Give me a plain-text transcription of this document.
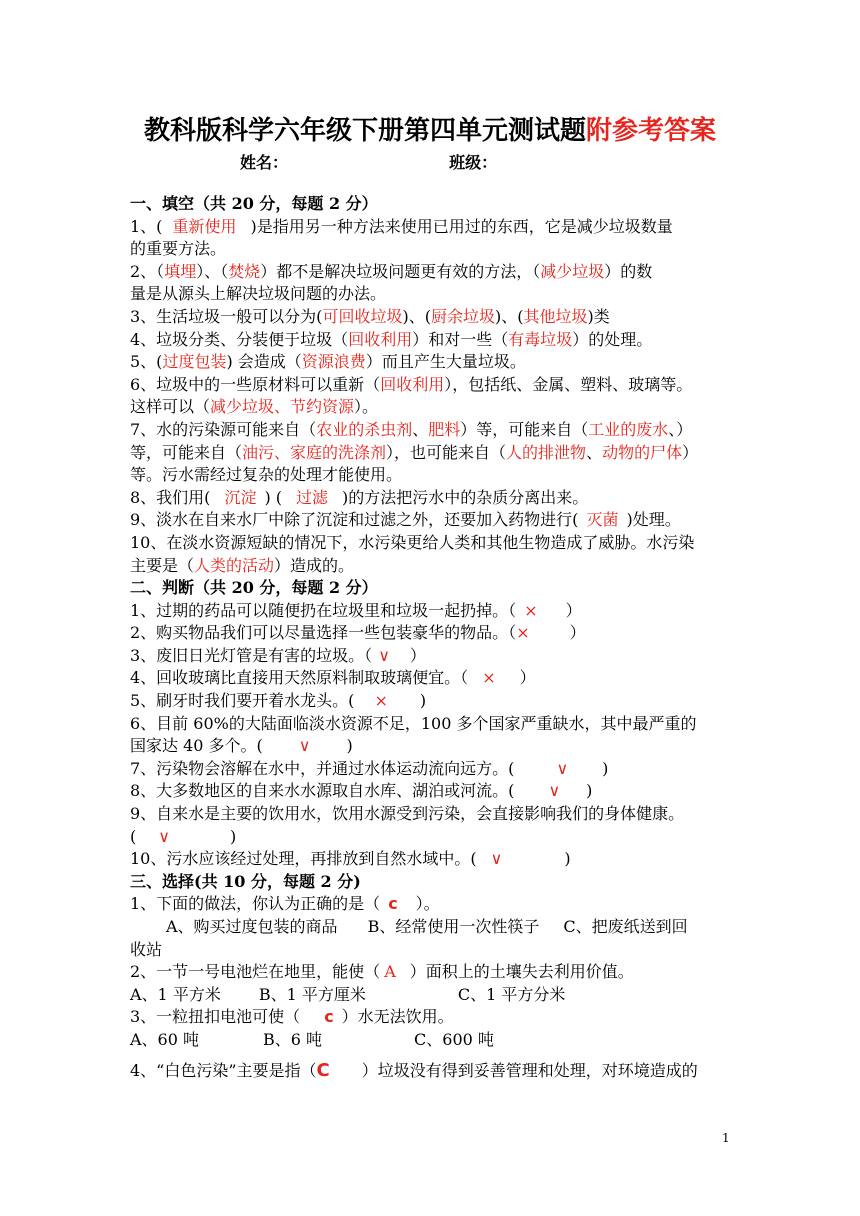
教科版科学六年级下册第四单元测试题附参考答案
姓名：	班级：
一、填空（共 20 分，每题 2 分）
1、( 重新使用 )是指用另一种方法来使用已用过的东西，它是减少垃圾数量
的重要方法。
2、（填埋）、（焚烧）都不是解决垃圾问题更有效的方法，（减少垃圾）的数
量是从源头上解决垃圾问题的办法。
3、生活垃圾一般可以分为(可回收垃圾)、(厨余垃圾)、(其他垃圾)类
4、垃圾分类、分装便于垃圾（回收利用）和对一些（有毒垃圾）的处理。
5、(过度包装) 会造成（资源浪费）而且产生大量垃圾。
6、垃圾中的一些原材料可以重新（回收利用），包括纸、金属、塑料、玻璃等。
这样可以（减少垃圾、节约资源）。
7、水的污染源可能来自（农业的杀虫剂、肥料）等，可能来自（工业的废水、）
等，可能来自（油污、家庭的洗涤剂），也可能来自（人的排泄物、动物的尸体）
等。污水需经过复杂的处理才能使用。
8、我们用( 沉淀 ) ( 过滤 )的方法把污水中的杂质分离出来。
9、淡水在自来水厂中除了沉淀和过滤之外，还要加入药物进行( 灭菌 )处理。
10、在淡水资源短缺的情况下，水污染更给人类和其他生物造成了威胁。水污染
主要是（人类的活动）造成的。
二、判断（共 20 分，每题 2 分）
1、过期的药品可以随便扔在垃圾里和垃圾一起扔掉。（ × ）
2、购买物品我们可以尽量选择一些包装豪华的物品。（×	）
3、废旧日光灯管是有害的垃圾。（ ∨ ）
4、回收玻璃比直接用天然原料制取玻璃便宜。（ × ）
5、刷牙时我们要开着水龙头。( × )
6、目前 60%的大陆面临淡水资源不足，100 多个国家严重缺水，其中最严重的
国家达 40 多个。( ∨ )
7、污染物会溶解在水中，并通过水体运动流向远方。(	∨ )
8、大多数地区的自来水水源取自水库、湖泊或河流。( ∨ )
9、自来水是主要的饮用水，饮用水源受到污染，会直接影响我们的身体健康。
( ∨	)
10、污水应该经过处理，再排放到自然水域中。( ∨	)
三、选择(共 10 分，每题 2 分)
1、下面的做法，你认为正确的是（ c ）。
A、购买过度包装的商品 B、经常使用一次性筷子 C、把废纸送到回
收站
2、一节一号电池烂在地里，能使（ A ）面积上的土壤失去利用价值。
A、1 平方米 B、1 平方厘米	C、1 平方分米
3、一粒扭扣电池可使（ c ）水无法饮用。
A、60 吨	B、6 吨	C、600 吨
4、“白色污染”主要是指（C ）垃圾没有得到妥善管理和处理，对环境造成的
1
